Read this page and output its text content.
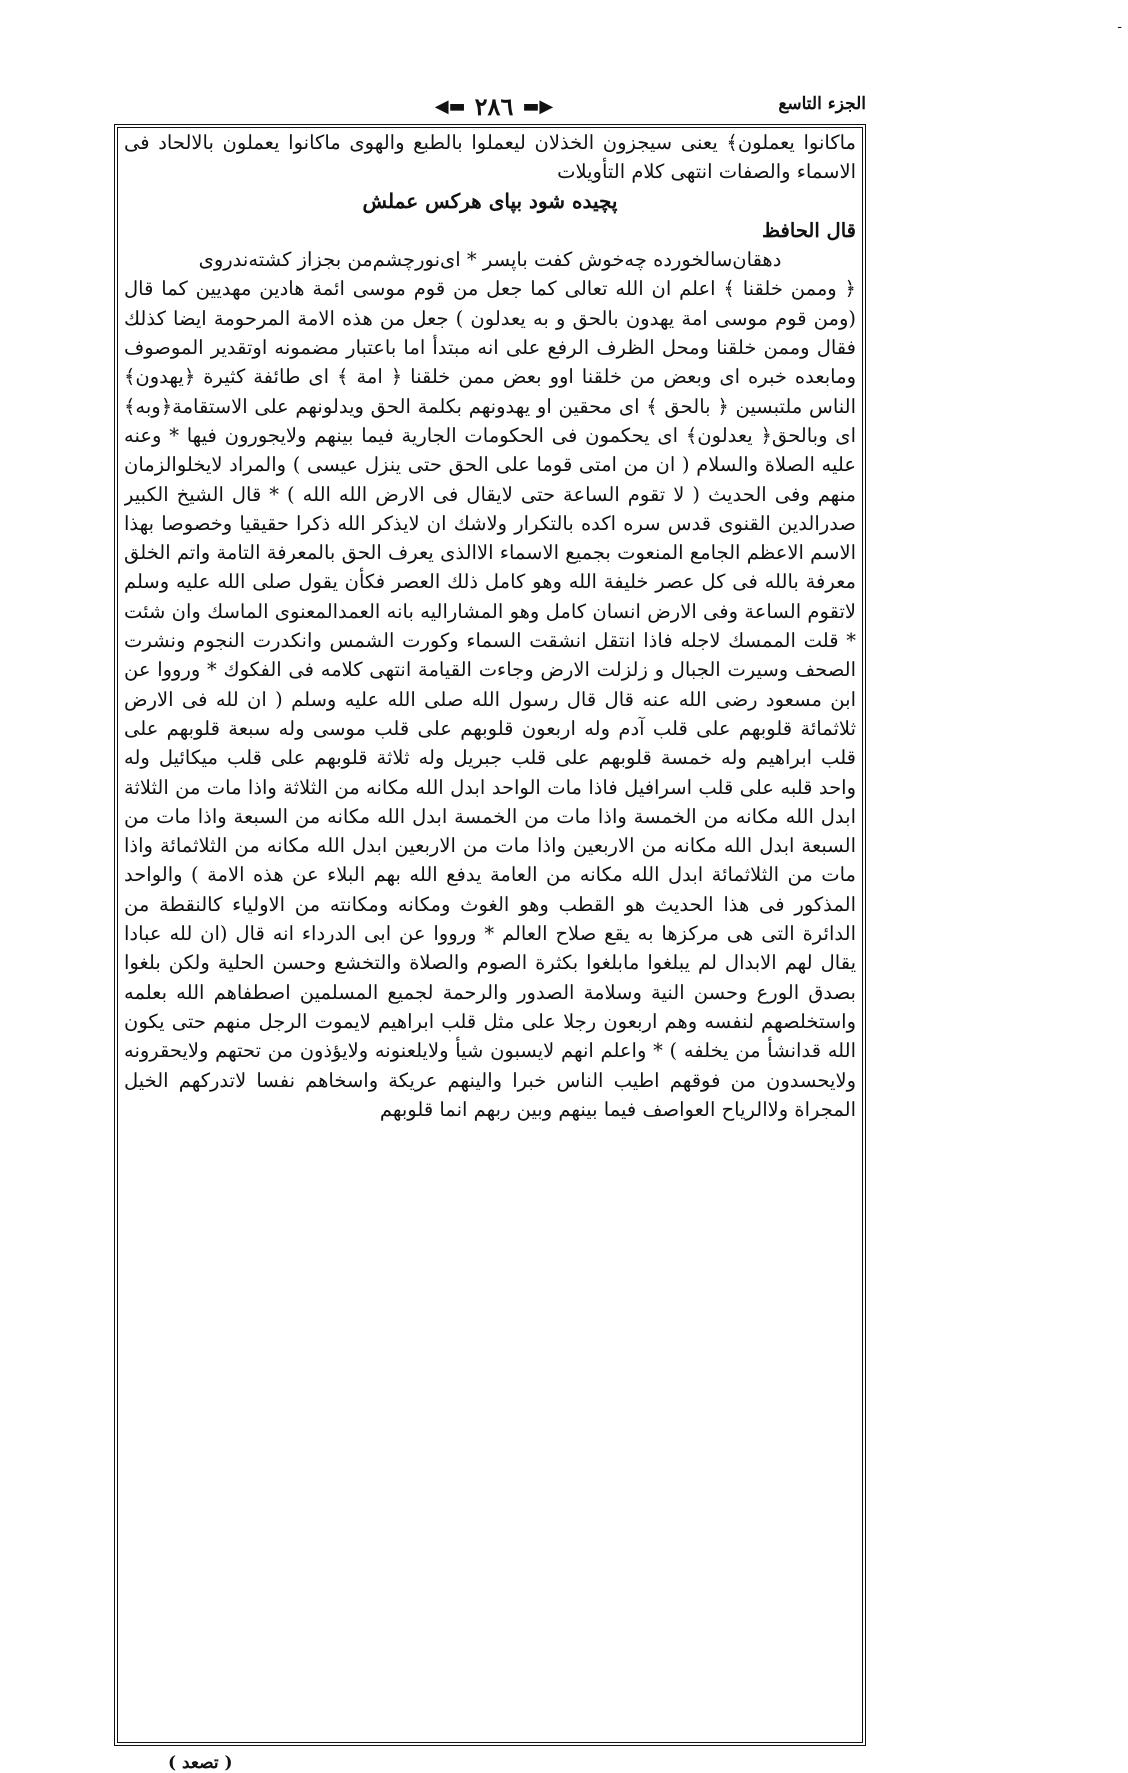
-
الجزء التاسع
◀▬ ٢٨٦ ▬▶

ماكانوا يعملون﴾ يعنى سيجزون الخذلان ليعملوا بالطبع والهوى ماكانوا يعملون بالالحاد فى الاسماء والصفات انتهى كلام التأويلات

پچيده شود بپاى هركس عملش

قال الحافظ

دهقان‌سالخورده چه‌خوش كفت باپسر * اى‌نورچشم‌من بجزاز كشته‌ندروى

﴿ وممن خلقنا ﴾ اعلم ان الله تعالى كما جعل من قوم موسى ائمة هادين مهديين كما قال (ومن قوم موسى امة يهدون بالحق و به يعدلون ) جعل من هذه الامة المرحومة ايضا كذلك فقال وممن خلقنا ومحل الظرف الرفع على انه مبتدأ اما باعتبار مضمونه اوتقدير الموصوف ومابعده خبره اى وبعض من خلقنا اوو بعض ممن خلقنا ﴿ امة ﴾ اى طائفة كثيرة ﴿يهدون﴾ الناس ملتبسين ﴿ بالحق ﴾ اى محقين او يهدونهم بكلمة الحق ويدلونهم على الاستقامة﴿وبه﴾ اى وبالحق﴿ يعدلون﴾ اى يحكمون فى الحكومات الجارية فيما بينهم ولايجورون فيها * وعنه عليه الصلاة والسلام ( ان من امتى قوما على الحق حتى ينزل عيسى ) والمراد لايخلوالزمان منهم وفى الحديث ( لا تقوم الساعة حتى لايقال فى الارض الله الله ) * قال الشيخ الكبير صدرالدين القنوى قدس سره اكده بالتكرار ولاشك ان لايذكر الله ذكرا حقيقيا وخصوصا بهذا الاسم الاعظم الجامع المنعوت بجميع الاسماء الاالذى يعرف الحق بالمعرفة التامة واتم الخلق معرفة بالله فى كل عصر خليفة الله وهو كامل ذلك العصر فكأن يقول صلى الله عليه وسلم لاتقوم الساعة وفى الارض انسان كامل وهو المشاراليه بانه العمدالمعنوى الماسك وان شئت * قلت الممسك لاجله فاذا انتقل انشقت السماء وكورت الشمس وانكدرت النجوم ونشرت الصحف وسيرت الجبال و زلزلت الارض وجاءت القيامة انتهى كلامه فى الفكوك * ورووا عن ابن مسعود رضى الله عنه قال قال رسول الله صلى الله عليه وسلم ( ان لله فى الارض ثلاثمائة قلوبهم على قلب آدم وله اربعون قلوبهم على قلب موسى وله سبعة قلوبهم على قلب ابراهيم وله خمسة قلوبهم على قلب جبريل وله ثلاثة قلوبهم على قلب ميكائيل وله واحد قلبه على قلب اسرافيل فاذا مات الواحد ابدل الله مكانه من الثلاثة واذا مات من الثلاثة ابدل الله مكانه من الخمسة واذا مات من الخمسة ابدل الله مكانه من السبعة واذا مات من السبعة ابدل الله مكانه من الاربعين واذا مات من الاربعين ابدل الله مكانه من الثلاثمائة واذا مات من الثلاثمائة ابدل الله مكانه من العامة يدفع الله بهم البلاء عن هذه الامة ) والواحد المذكور فى هذا الحديث هو القطب وهو الغوث ومكانه ومكانته من الاولياء كالنقطة من الدائرة التى هى مركزها به يقع صلاح العالم * ورووا عن ابى الدرداء انه قال (ان لله عبادا يقال لهم الابدال لم يبلغوا مابلغوا بكثرة الصوم والصلاة والتخشع وحسن الحلية ولكن بلغوا بصدق الورع وحسن النية وسلامة الصدور والرحمة لجميع المسلمين اصطفاهم الله بعلمه واستخلصهم لنفسه وهم اربعون رجلا على مثل قلب ابراهيم لايموت الرجل منهم حتى يكون الله قدانشأ من يخلفه ) * واعلم انهم لايسبون شيأ ولايلعنونه ولايؤذون من تحتهم ولايحقرونه ولايحسدون من فوقهم اطيب الناس خبرا والينهم عريكة واسخاهم نفسا لاتدركهم الخيل المجراة ولاالرياح العواصف فيما بينهم وبين ربهم انما قلوبهم

( تصعد )
